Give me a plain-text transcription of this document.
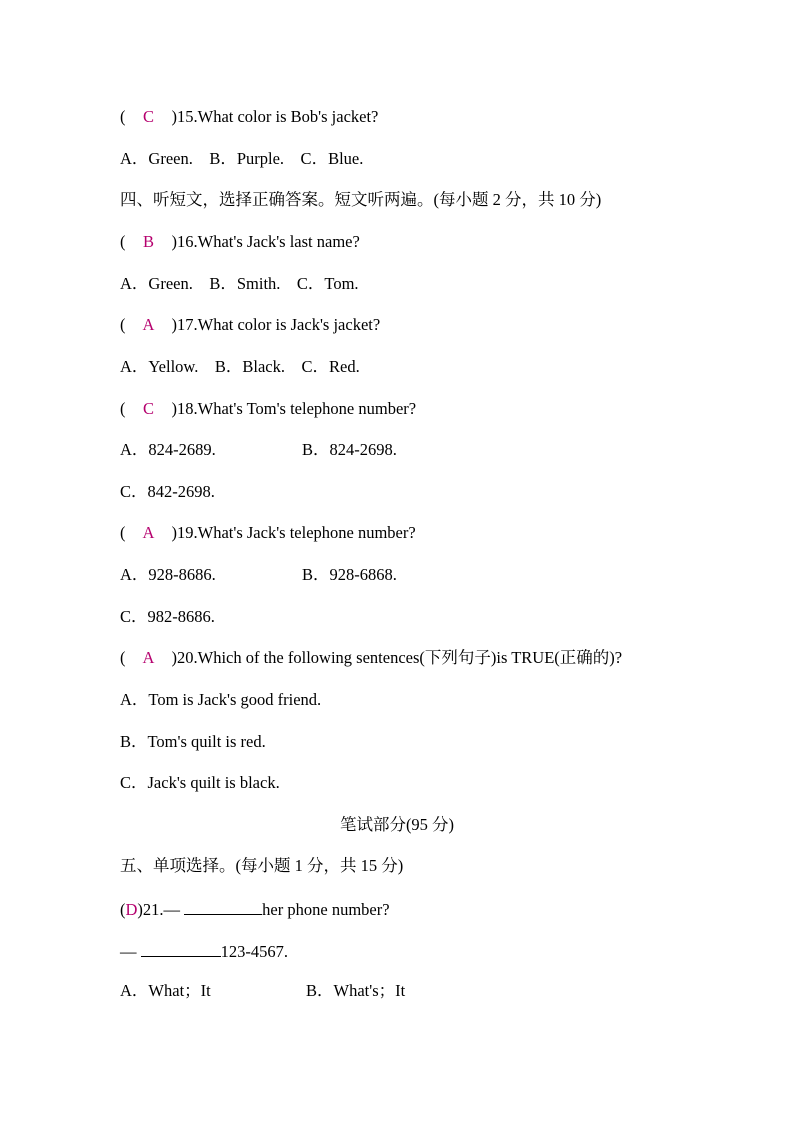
( C )15.What color is Bob's jacket?
A．Green.　B．Purple.　C．Blue.
四、听短文，选择正确答案。短文听两遍。(每小题 2 分，共 10 分)
( B )16.What's Jack's last name?
A．Green.　B．Smith.　C．Tom.
( A )17.What color is Jack's jacket?
A．Yellow.　B．Black.　C．Red.
( C )18.What's Tom's telephone number?
A．824-2689.	B．824-2698.
C．842-2698.
( A )19.What's Jack's telephone number?
A．928-8686.	B．928-6868.
C．982-8686.
( A )20.Which of the following sentences(下列句子)is TRUE(正确的)?
A．Tom is Jack's good friend.
B．Tom's quilt is red.
C．Jack's quilt is black.
笔试部分(95 分)
五、单项选择。(每小题 1 分，共 15 分)
(D)21.—	her phone number?
—	123-4567.
A．What；It	B．What's；It
